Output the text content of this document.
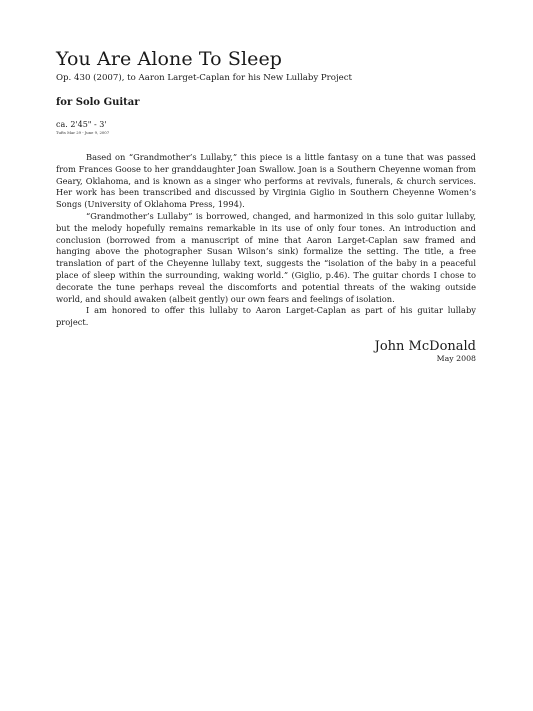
You Are Alone To Sleep
Op. 430 (2007), to Aaron Larget-Caplan for his New Lullaby Project
for Solo Guitar
ca. 2'45" - 3'
Tufts Mar 29 - June 9, 2007

Based on “Grandmother’s Lullaby,” this piece is a little fantasy on a tune that was passed from Frances Goose to her granddaughter Joan Swallow. Joan is a Southern Cheyenne woman from Geary, Oklahoma, and is known as a singer who performs at revivals, funerals, & church services. Her work has been transcribed and discussed by Virginia Giglio in Southern Cheyenne Women’s Songs (University of Oklahoma Press, 1994).

“Grandmother’s Lullaby” is borrowed, changed, and harmonized in this solo guitar lullaby, but the melody hopefully remains remarkable in its use of only four tones. An introduction and conclusion (borrowed from a manuscript of mine that Aaron Larget-Caplan saw framed and hanging above the photographer Susan Wilson’s sink) formalize the setting. The title, a free translation of part of the Cheyenne lullaby text, suggests the “isolation of the baby in a peaceful place of sleep within the surrounding, waking world.” (Giglio, p.46). The guitar chords I chose to decorate the tune perhaps reveal the discomforts and potential threats of the waking outside world, and should awaken (albeit gently) our own fears and feelings of isolation.

I am honored to offer this lullaby to Aaron Larget-Caplan as part of his guitar lullaby project.

John McDonald
May 2008
